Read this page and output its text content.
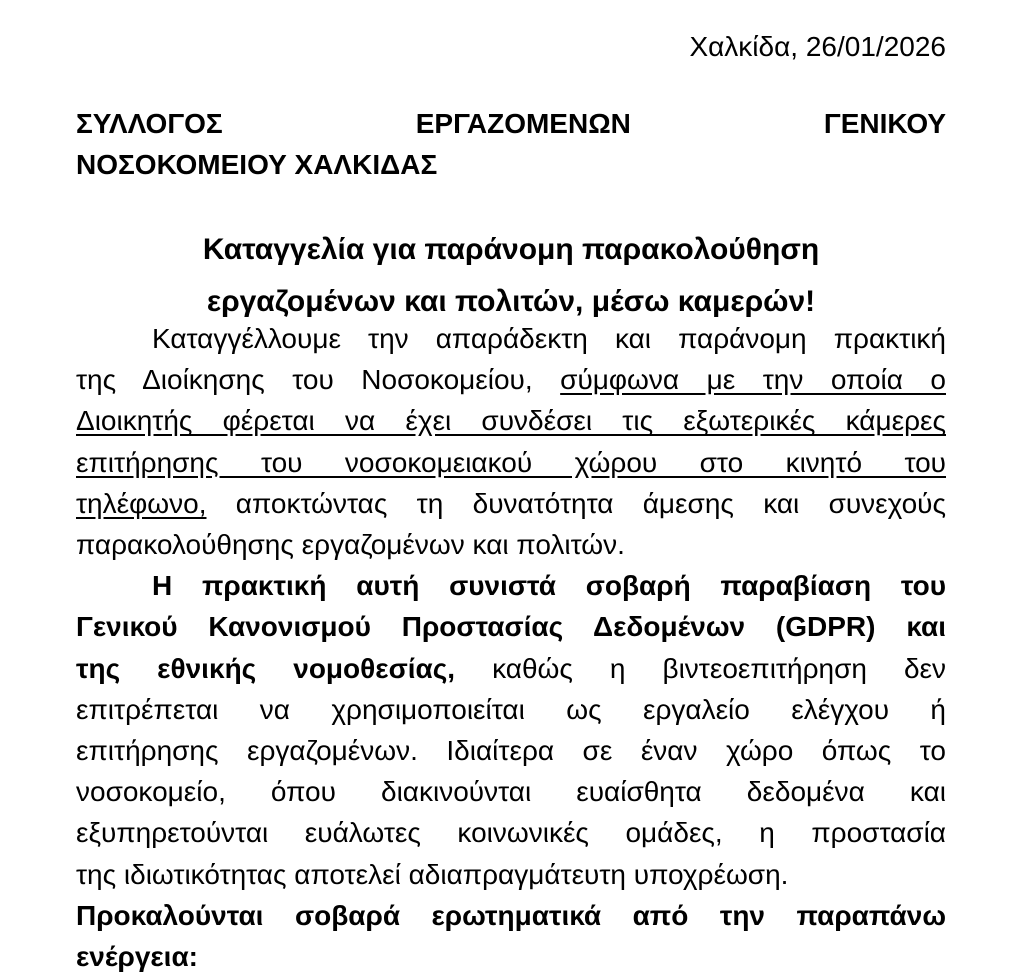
Χαλκίδα, 26/01/2026
ΣΥΛΛΟΓΟΣ ΕΡΓΑΖΟΜΕΝΩΝ ΓΕΝΙΚΟΥ
ΝΟΣΟΚΟΜΕΙΟΥ ΧΑΛΚΙΔΑΣ
Καταγγελία για παράνομη παρακολούθηση
εργαζομένων και πολιτών, μέσω καμερών!
Καταγγέλλουμε την απαράδεκτη και παράνομη πρακτική
της Διοίκησης του Νοσοκομείου, σύμφωνα με την οποία ο
Διοικητής φέρεται να έχει συνδέσει τις εξωτερικές κάμερες
επιτήρησης του νοσοκομειακού χώρου στο κινητό του
τηλέφωνο, αποκτώντας τη δυνατότητα άμεσης και συνεχούς
παρακολούθησης εργαζομένων και πολιτών.
Η πρακτική αυτή συνιστά σοβαρή παραβίαση του
Γενικού Κανονισμού Προστασίας Δεδομένων (GDPR) και
της εθνικής νομοθεσίας, καθώς η βιντεοεπιτήρηση δεν
επιτρέπεται να χρησιμοποιείται ως εργαλείο ελέγχου ή
επιτήρησης εργαζομένων. Ιδιαίτερα σε έναν χώρο όπως το
νοσοκομείο, όπου διακινούνται ευαίσθητα δεδομένα και
εξυπηρετούνται ευάλωτες κοινωνικές ομάδες, η προστασία
της ιδιωτικότητας αποτελεί αδιαπραγμάτευτη υποχρέωση.
Προκαλούνται σοβαρά ερωτηματικά από την παραπάνω
ενέργεια:
